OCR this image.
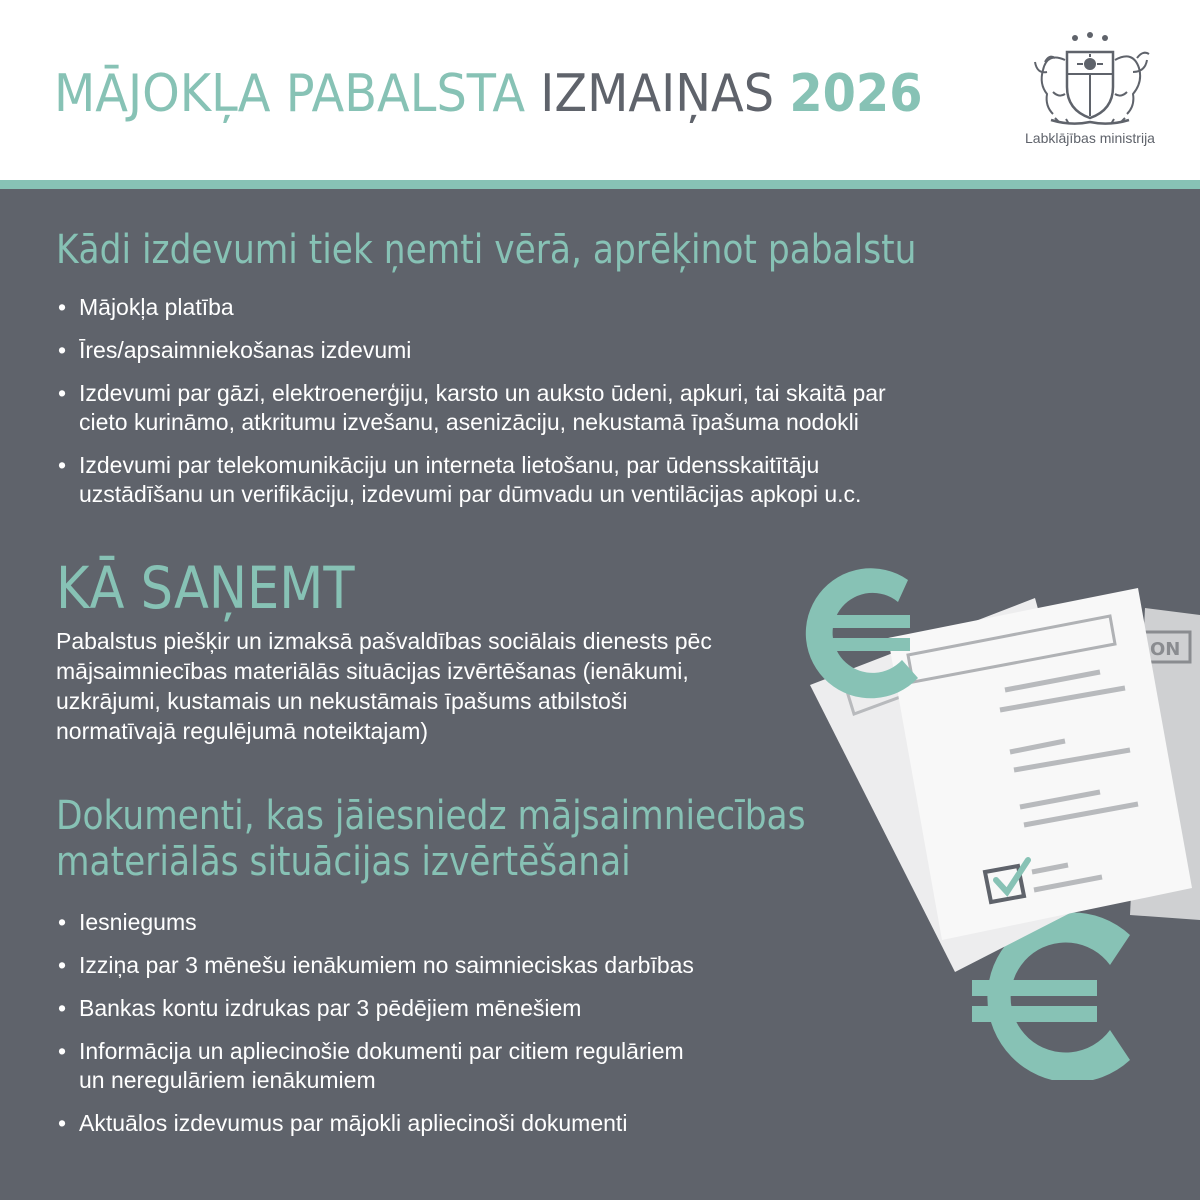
MĀJOKĻA PABALSTA IZMAIŅAS 2026
Labklājības ministrija
Kādi izdevumi tiek ņemti vērā, aprēķinot pabalstu
• Mājokļa platība
• Īres/apsaimniekošanas izdevumi
• Izdevumi par gāzi, elektroenerģiju, karsto un auksto ūdeni, apkuri, tai skaitā par
cieto kurināmo, atkritumu izvešanu, asenizāciju, nekustamā īpašuma nodokli
• Izdevumi par telekomunikāciju un interneta lietošanu, par ūdensskaitītāju
uzstādīšanu un verifikāciju, izdevumi par dūmvadu un ventilācijas apkopi u.c.
KĀ SAŅEMT

Pabalstus piešķir un izmaksā pašvaldības sociālais dienests pēc
mājsaimniecības materiālās situācijas izvērtēšanas (ienākumi,
uzkrājumi, kustamais un nekustāmais īpašums atbilstoši
normatīvajā regulējumā noteiktajam)

Dokumenti, kas jāiesniedz mājsaimniecības
materiālās situācijas izvērtēšanai
• Iesniegums
• Izziņa par 3 mēnešu ienākumiem no saimnieciskas darbības
• Bankas kontu izdrukas par 3 pēdējiem mēnešiem
• Informācija un apliecinošie dokumenti par citiem regulāriem
un neregulāriem ienākumiem
• Aktuālos izdevumus par mājokli apliecinoši dokumenti
ON
